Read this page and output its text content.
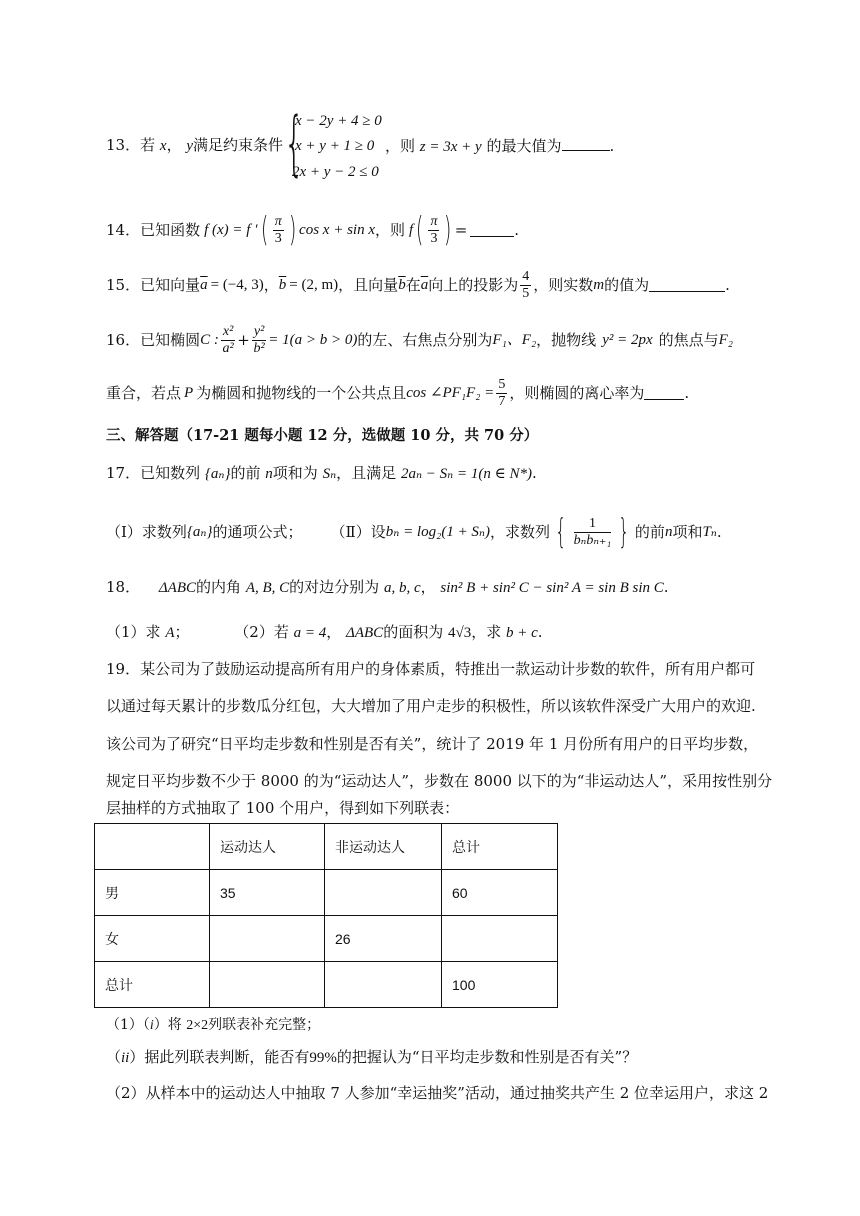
13．若 x， y满足约束条件 {
x − 2y + 4 ≥ 0
x + y + 1 ≥ 0
2x + y − 2 ≤ 0
，则 z = 3x + y 的最大值为	.
14． 已知函数 f (x) = f ′ ( $\frac{\pi}{3}$ ) cos x + sin x ，则 f ( $\frac{\pi}{3}$ ) =	.
15． 已知向量 $\overline{a} = (-4$, 3) ， $\overline{b} = (2$, m) ，且向量 $\overline{b}$ 在 $\overline{a}$ 向上的投影为 $\frac{4}{5}$ ，则实数 m 的值为	.
16． 已知椭圆 C : $\frac{\text{x²}}{\text{a²}} + \frac{\text{y²}}{\text{b²}} = 1(a > b > 0)$ 的左、右焦点分别为 F₁、F₂ ，抛物线 y² = 2px 的焦点与 F₂
重合，若点 P 为椭圆和抛物线的一个公共点且 cos ∠PF₁F₂ = $\frac{5}{7}$ ，则椭圆的离心率为	.
三、解答题（17-21 题每小题 12 分，选做题 10 分，共 70 分）
17．已知数列 {aₙ}的前 n项和为 Sₙ，且满足 2aₙ − Sₙ = 1(n ∈ N*).
（Ⅰ）求数列 {aₙ} 的通项公式； （Ⅱ）设 bₙ = log₂(1 + Sₙ) ，求数列 { $\frac{1}{\text{bₙbₙ₊₁}}$ } 的前 n 项和 Tₙ .
18． ΔABC的内角 A, B, C的对边分别为 a, b, c， sin² B + sin² C − sin² A = sin B sin C.
（1）求 A；	（2）若 a = 4， ΔABC的面积为 4√3，求 b + c.
19．某公司为了鼓励运动提高所有用户的身体素质，特推出一款运动计步数的软件，所有用户都可
以通过每天累计的步数瓜分红包，大大增加了用户走步的积极性，所以该软件深受广大用户的欢迎.
该公司为了研究“日平均走步数和性别是否有关”，统计了 2019 年 1 月份所有用户的日平均步数，
规定日平均步数不少于 8000 的为“运动达人”，步数在 8000 以下的为“非运动达人”，采用按性别分
层抽样的方式抽取了 100 个用户，得到如下列联表：
	运动达人	非运动达人	总计
男	35		60
女		26	
总计			100
（1）（i）将 2×2列联表补充完整；
（ii）据此列联表判断，能否有99%的把握认为“日平均走步数和性别是否有关”？
（2）从样本中的运动达人中抽取 7 人参加“幸运抽奖”活动，通过抽奖共产生 2 位幸运用户，求这 2
